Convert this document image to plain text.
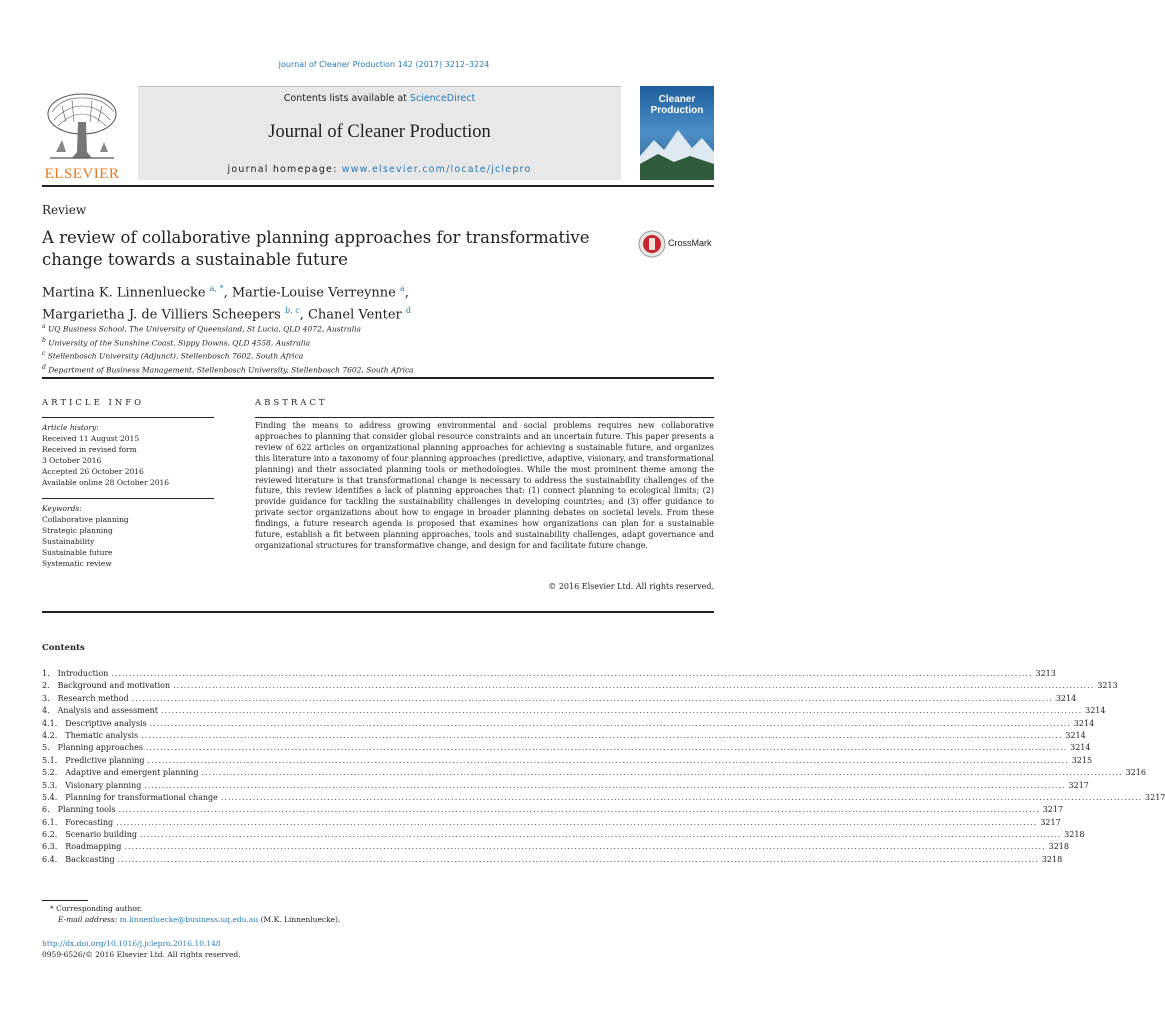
Journal of Cleaner Production 142 (2017) 3212–3224
Contents lists available at ScienceDirect
Journal of Cleaner Production
journal homepage: www.elsevier.com/locate/jclepro
ELSEVIER
Cleaner
Production
Review
A review of collaborative planning approaches for transformative
change towards a sustainable future
CrossMark
Martina K. Linnenluecke $^{a, *}$, Martie-Louise Verreynne $^a$,
Margarietha J. de Villiers Scheepers $^{b, c}$, Chanel Venter $^d$
$^a$ UQ Business School, The University of Queensland, St Lucia, QLD 4072, Australia
$^b$ University of the Sunshine Coast, Sippy Downs, QLD 4558, Australia
$^c$ Stellenbosch University (Adjunct), Stellenbosch 7602, South Africa
$^d$ Department of Business Management, Stellenbosch University, Stellenbosch 7602, South Africa
ARTICLE INFO
Article history:
Received 11 August 2015
Received in revised form
3 October 2016
Accepted 26 October 2016
Available online 28 October 2016
Keywords:
Collaborative planning
Strategic planning
Sustainability
Sustainable future
Systematic review
ABSTRACT
Finding the means to address growing environmental and social problems requires new collaborative approaches to planning that consider global resource constraints and an uncertain future. This paper presents a review of 622 articles on organizational planning approaches for achieving a sustainable future, and organizes this literature into a taxonomy of four planning approaches (predictive, adaptive, visionary, and transformational planning) and their associated planning tools or methodologies. While the most prominent theme among the reviewed literature is that transformational change is necessary to address the sustainability challenges of the future, this review identifies a lack of planning approaches that: (1) connect planning to ecological limits; (2) provide guidance for tackling the sustainability challenges in developing countries; and (3) offer guidance to private sector organizations about how to engage in broader planning debates on societal levels. From these findings, a future research agenda is proposed that examines how organizations can plan for a sustainable future, establish a fit between planning approaches, tools and sustainability challenges, adapt governance and organizational structures for transformative change, and design for and facilitate future change.
© 2016 Elsevier Ltd. All rights reserved.
Contents
1. Introduction .................................................................................................................................................................................................................................................................... 3213
2. Background and motivation .................................................................................................................................................................................................................................................................... 3213
3. Research method .................................................................................................................................................................................................................................................................... 3214
4. Analysis and assessment .................................................................................................................................................................................................................................................................... 3214
4.1. Descriptive analysis .................................................................................................................................................................................................................................................................... 3214
4.2. Thematic analysis .................................................................................................................................................................................................................................................................... 3214
5. Planning approaches .................................................................................................................................................................................................................................................................... 3214
5.1. Predictive planning .................................................................................................................................................................................................................................................................... 3215
5.2. Adaptive and emergent planning .................................................................................................................................................................................................................................................................... 3216
5.3. Visionary planning .................................................................................................................................................................................................................................................................... 3217
5.4. Planning for transformational change .................................................................................................................................................................................................................................................................... 3217
6. Planning tools .................................................................................................................................................................................................................................................................... 3217
6.1. Forecasting .................................................................................................................................................................................................................................................................... 3217
6.2. Scenario building .................................................................................................................................................................................................................................................................... 3218
6.3. Roadmapping .................................................................................................................................................................................................................................................................... 3218
6.4. Backcasting .................................................................................................................................................................................................................................................................... 3218
* Corresponding author.
E-mail address: m.linnenluecke@business.uq.edu.au (M.K. Linnenluecke).
http://dx.doi.org/10.1016/j.jclepro.2016.10.148
0959-6526/© 2016 Elsevier Ltd. All rights reserved.
